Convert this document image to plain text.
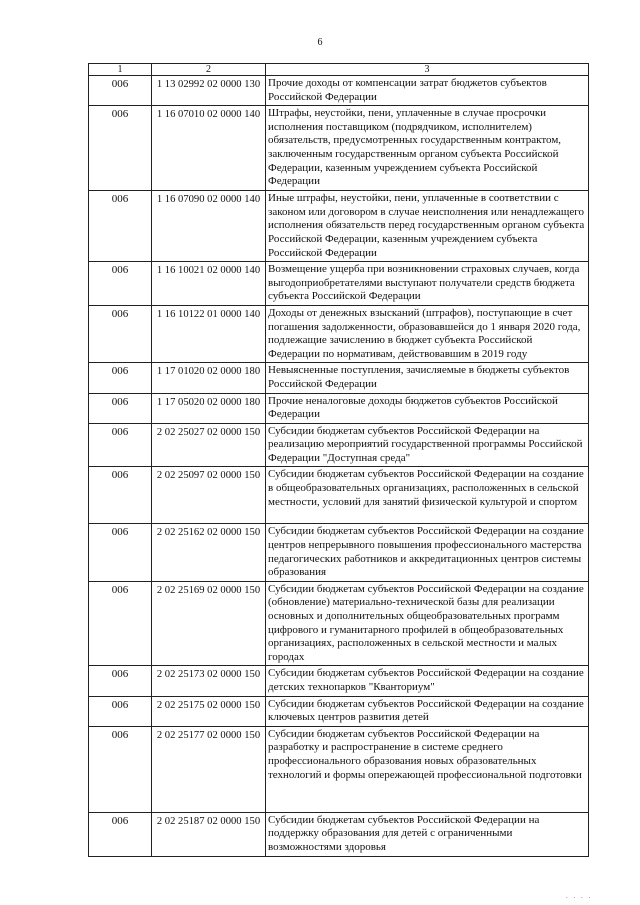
6
1	2	3
006	1 13 02992 02 0000 130	Прочие доходы от компенсации затрат бюджетов субъектов Российской Федерации
006	1 16 07010 02 0000 140	Штрафы, неустойки, пени, уплаченные в случае просрочки исполнения поставщиком (подрядчиком, исполнителем) обязательств, предусмотренных государственным контрактом, заключенным государственным органом субъекта Российской Федерации, казенным учреждением субъекта Российской Федерации
006	1 16 07090 02 0000 140	Иные штрафы, неустойки, пени, уплаченные в соответствии с законом или договором в случае неисполнения или ненадлежащего исполнения обязательств перед государственным органом субъекта Российской Федерации, казенным учреждением субъекта Российской Федерации
006	1 16 10021 02 0000 140	Возмещение ущерба при возникновении страховых случаев, когда выгодоприобретателями выступают получатели средств бюджета субъекта Российской Федерации
006	1 16 10122 01 0000 140	Доходы от денежных взысканий (штрафов), поступающие в счет погашения задолженности, образовавшейся до 1 января 2020 года, подлежащие зачислению в бюджет субъекта Российской Федерации по нормативам, действовавшим в 2019 году
006	1 17 01020 02 0000 180	Невыясненные поступления, зачисляемые в бюджеты субъектов Российской Федерации
006	1 17 05020 02 0000 180	Прочие неналоговые доходы бюджетов субъектов Российской Федерации
006	2 02 25027 02 0000 150	Субсидии бюджетам субъектов Российской Федерации на реализацию мероприятий государственной программы Российской Федерации "Доступная среда"
006	2 02 25097 02 0000 150	Субсидии бюджетам субъектов Российской Федерации на создание в общеобразовательных организациях, расположенных в сельской местности, условий для занятий физической культурой и спортом
006	2 02 25162 02 0000 150	Субсидии бюджетам субъектов Российской Федерации на создание центров непрерывного повышения профессионального мастерства педагогических работников и аккредитационных центров системы образования
006	2 02 25169 02 0000 150	Субсидии бюджетам субъектов Российской Федерации на создание (обновление) материально-технической базы для реализации основных и дополнительных общеобразовательных программ цифрового и гуманитарного профилей в общеобразовательных организациях, расположенных в сельской местности и малых городах
006	2 02 25173 02 0000 150	Субсидии бюджетам субъектов Российской Федерации на создание детских технопарков "Кванториум"
006	2 02 25175 02 0000 150	Субсидии бюджетам субъектов Российской Федерации на создание ключевых центров развития детей
006	2 02 25177 02 0000 150	Субсидии бюджетам субъектов Российской Федерации на разработку и распространение в системе среднего профессионального образования новых образовательных технологий и формы опережающей профессиональной подготовки
006	2 02 25187 02 0000 150	Субсидии бюджетам субъектов Российской Федерации на поддержку образования для детей с ограниченными возможностями здоровья
. . . .
